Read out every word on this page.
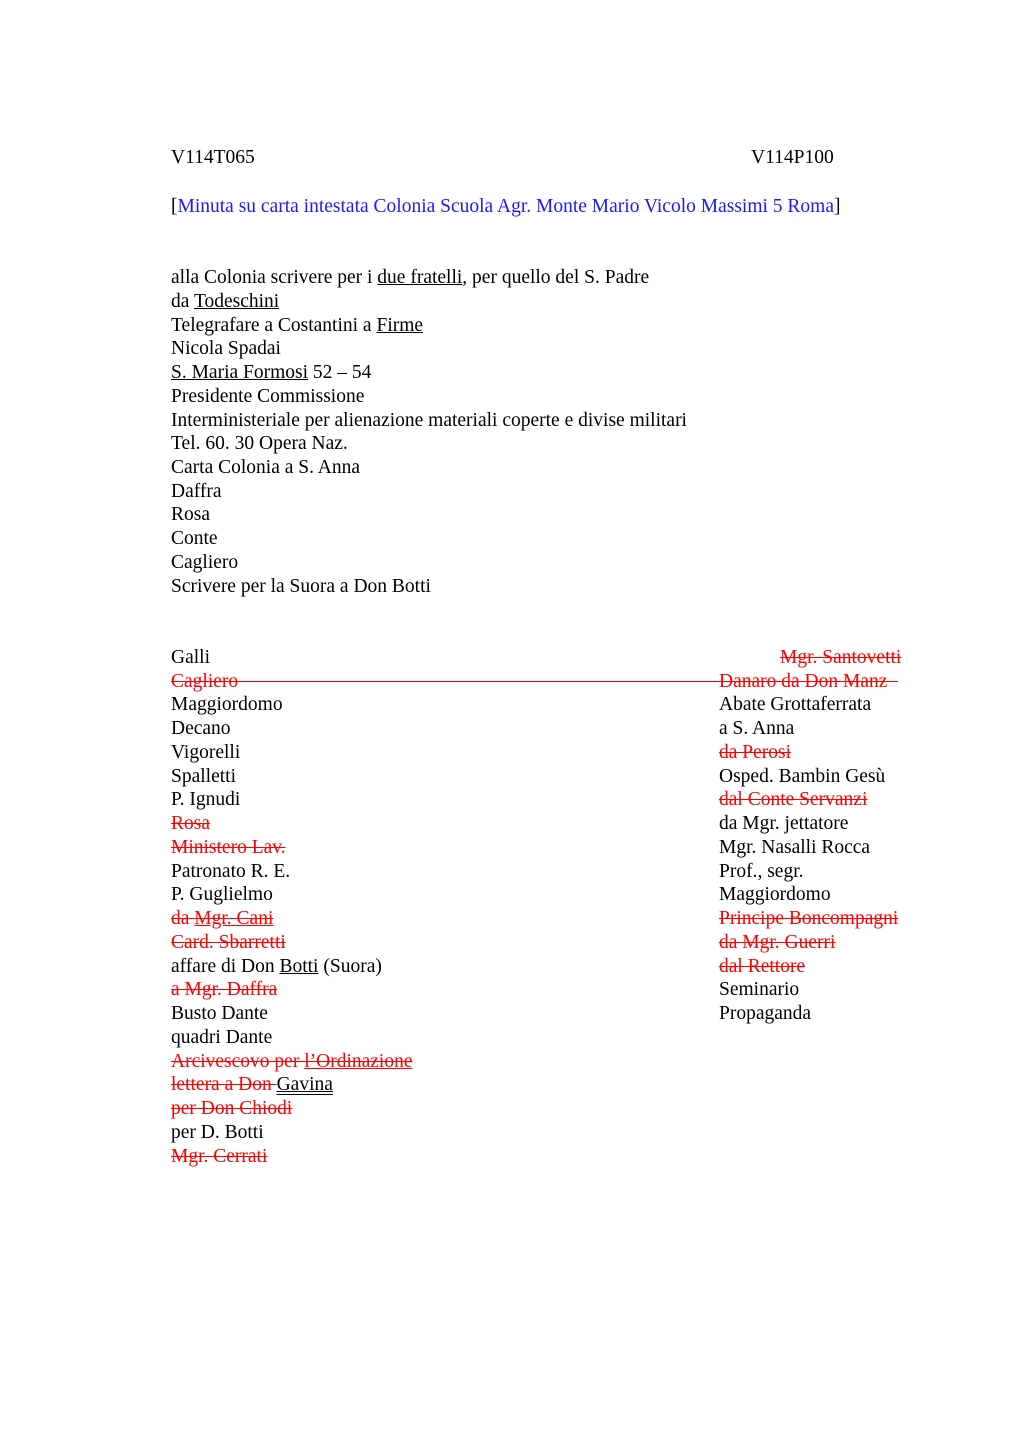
V114T065	V114P100
[Minuta su carta intestata Colonia Scuola Agr. Monte Mario Vicolo Massimi 5 Roma]
alla Colonia scrivere per i due fratelli, per quello del S. Padre
da Todeschini
Telegrafare a Costantini a Firme
Nicola Spadai
S. Maria Formosi 52 – 54
Presidente Commissione
Interministeriale per alienazione materiali coperte e divise militari
Tel. 60. 30 Opera Naz.
Carta Colonia a S. Anna
Daffra
Rosa
Conte
Cagliero
Scrivere per la Suora a Don Botti
Galli
Cagliero
Maggiordomo
Decano
Vigorelli
Spalletti
P. Ignudi
Rosa
Ministero Lav.
Patronato R. E.
P. Guglielmo
da Mgr. Cani
Card. Sbarretti
affare di Don Botti (Suora)
a Mgr. Daffra
Busto Dante
quadri Dante
Arcivescovo per l’Ordinazione
lettera a Don Gavina
per Don Chiodi
per D. Botti
Mgr. Cerrati
Mgr. Santovetti
Danaro da Don Manz
Abate Grottaferrata
a S. Anna
da Perosi
Osped. Bambin Gesù
dal Conte Servanzi
da Mgr. jettatore
Mgr. Nasalli Rocca
Prof., segr.
Maggiordomo
Principe Boncompagni
da Mgr. Guerri
dal Rettore
Seminario
Propaganda
